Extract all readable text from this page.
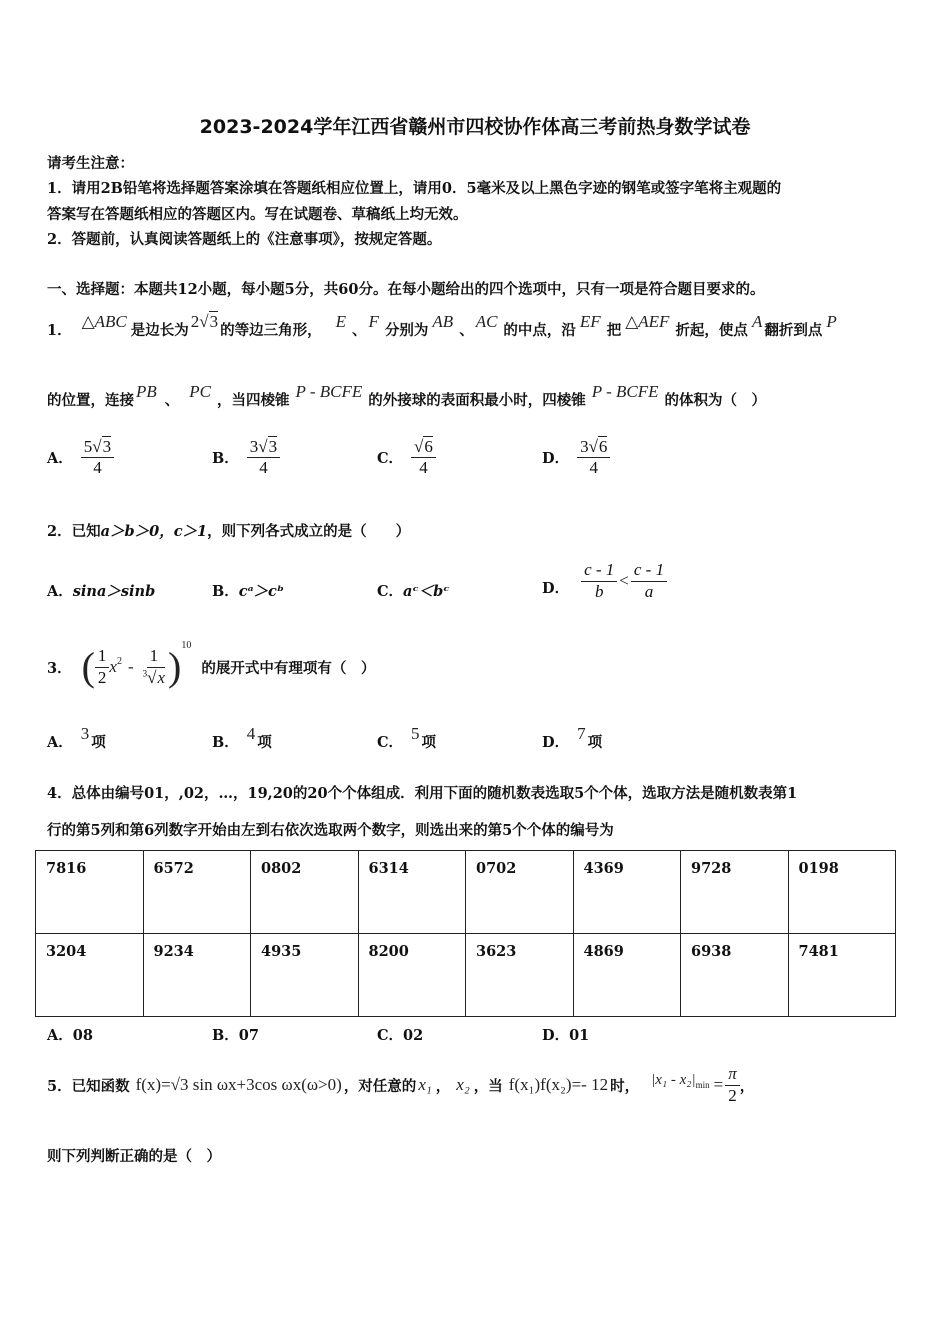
2023-2024学年江西省赣州市四校协作体高三考前热身数学试卷
请考生注意：
1．请用2B铅笔将选择题答案涂填在答题纸相应位置上，请用0．5毫米及以上黑色字迹的钢笔或签字笔将主观题的
答案写在答题纸相应的答题区内。写在试题卷、草稿纸上均无效。
2．答题前，认真阅读答题纸上的《注意事项》，按规定答题。
一、选择题：本题共12小题，每小题5分，共60分。在每小题给出的四个选项中，只有一项是符合题目要求的。
1． △ABC 是边长为 2√3 的等边三角形， E 、 F 分别为 AB 、 AC 的中点，沿 EF 把 △AEF 折起，使点 A 翻折到点 P
的位置，连接 PB 、 PC ，当四棱锥 P - BCFE 的外接球的表面积最小时，四棱锥 P - BCFE 的体积为（　）
A． $\frac{5√3}{4}$	B． $\frac{3√3}{4}$	C． $\frac{√6}{4}$	D． $\frac{3√6}{4}$
2．已知a＞b＞0，c＞1，则下列各式成立的是（　　）
A．sina＞sinb	B．cᵃ＞cᵇ	C．aᶜ＜bᶜ	D． $\frac{c - 1}{b} < \frac{c - 1}{a}$
3． ( $\frac{1}{2} x^2 - \frac{1}{^3√x} )^{10}$
的展开式中有理项有（　）
A． 3 项	B． 4 项	C． 5 项	D． 7 项
4．总体由编号01，,02，…，19,20的20个个体组成．利用下面的随机数表选取5个个体，选取方法是随机数表第1
行的第5列和第6列数字开始由左到右依次选取两个数字，则选出来的第5个个体的编号为
7816	6572	0802	6314	0702	4369	9728	0198
3204	9234	4935	8200	3623	4869	6938	7481
A．08	B．07	C．02	D．01
5．已知函数 f(x)=√3 sin ωx+3cos ωx(ω>0) ，对任意的 x₁ ， x₂ ，当 f(x₁)f(x₂)=- 12 时， $|x_1 - x_2|_{min} = \frac{\pi}{2}$ ，
则下列判断正确的是（　）
